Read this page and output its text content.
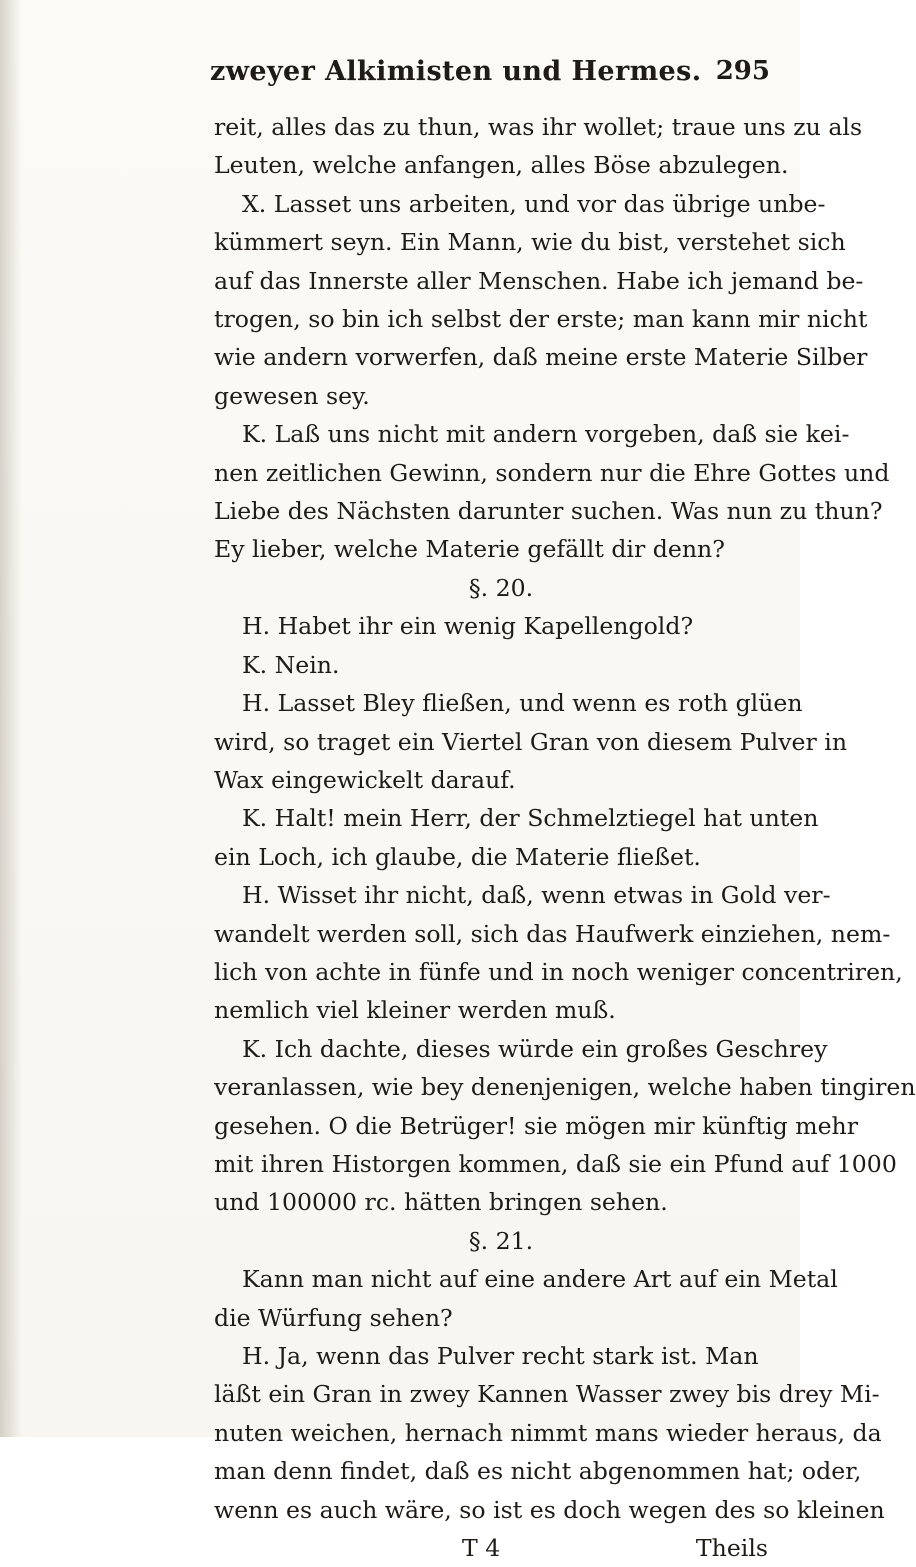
zweyer Alkimisten und Hermes. 295
reit, alles das zu thun, was ihr wollet; traue uns zu als
Leuten, welche anfangen, alles Böse abzulegen.
X. Lasset uns arbeiten, und vor das übrige unbe-
kümmert seyn. Ein Mann, wie du bist, verstehet sich
auf das Innerste aller Menschen. Habe ich jemand be-
trogen, so bin ich selbst der erste; man kann mir nicht
wie andern vorwerfen, daß meine erste Materie Silber
gewesen sey.
K. Laß uns nicht mit andern vorgeben, daß sie kei-
nen zeitlichen Gewinn, sondern nur die Ehre Gottes und
Liebe des Nächsten darunter suchen. Was nun zu thun?
Ey lieber, welche Materie gefällt dir denn?
§. 20.
H. Habet ihr ein wenig Kapellengold?
K. Nein.
H. Lasset Bley fließen, und wenn es roth glüen
wird, so traget ein Viertel Gran von diesem Pulver in
Wax eingewickelt darauf.
K. Halt! mein Herr, der Schmelztiegel hat unten
ein Loch, ich glaube, die Materie fließet.
H. Wisset ihr nicht, daß, wenn etwas in Gold ver-
wandelt werden soll, sich das Haufwerk einziehen, nem-
lich von achte in fünfe und in noch weniger concentriren,
nemlich viel kleiner werden muß.
K. Ich dachte, dieses würde ein großes Geschrey
veranlassen, wie bey denenjenigen, welche haben tingiren
gesehen. O die Betrüger! sie mögen mir künftig mehr
mit ihren Historgen kommen, daß sie ein Pfund auf 1000
und 100000 rc. hätten bringen sehen.
§. 21.
Kann man nicht auf eine andere Art auf ein Metal
die Würfung sehen?
H. Ja, wenn das Pulver recht stark ist. Man
läßt ein Gran in zwey Kannen Wasser zwey bis drey Mi-
nuten weichen, hernach nimmt mans wieder heraus, da
man denn findet, daß es nicht abgenommen hat; oder,
wenn es auch wäre, so ist es doch wegen des so kleinen
T 4	Theils
